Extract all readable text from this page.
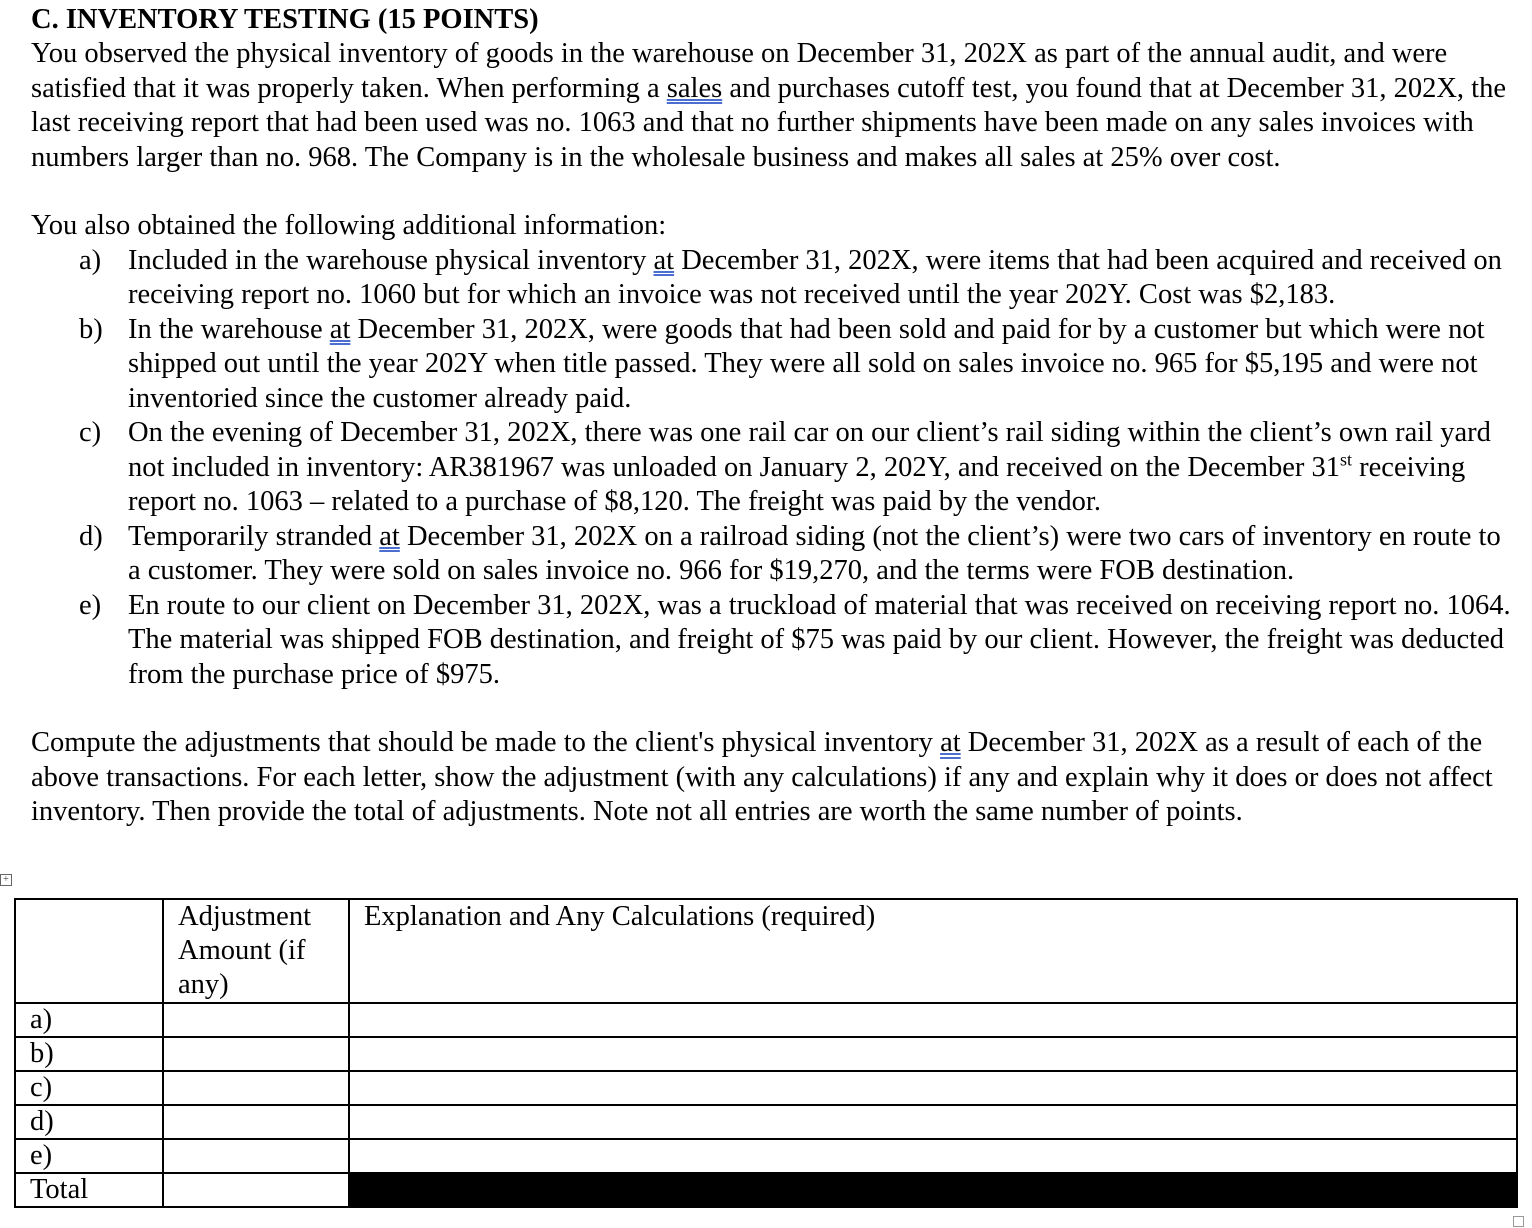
C. INVENTORY TESTING (15 POINTS)

You observed the physical inventory of goods in the warehouse on December 31, 202X as part of the annual audit, and were satisfied that it was properly taken. When performing a sales and purchases cutoff test, you found that at December 31, 202X, the last receiving report that had been used was no. 1063 and that no further shipments have been made on any sales invoices with numbers larger than no. 968. The Company is in the wholesale business and makes all sales at 25% over cost.

You also obtained the following additional information:

a) Included in the warehouse physical inventory at December 31, 202X, were items that had been acquired and received on receiving report no. 1060 but for which an invoice was not received until the year 202Y. Cost was $2,183.
b) In the warehouse at December 31, 202X, were goods that had been sold and paid for by a customer but which were not shipped out until the year 202Y when title passed. They were all sold on sales invoice no. 965 for $5,195 and were not inventoried since the customer already paid.
c) On the evening of December 31, 202X, there was one rail car on our client’s rail siding within the client’s own rail yard not included in inventory: AR381967 was unloaded on January 2, 202Y, and received on the December 31st receiving report no. 1063 – related to a purchase of $8,120. The freight was paid by the vendor.
d) Temporarily stranded at December 31, 202X on a railroad siding (not the client’s) were two cars of inventory en route to a customer. They were sold on sales invoice no. 966 for $19,270, and the terms were FOB destination.
e) En route to our client on December 31, 202X, was a truckload of material that was received on receiving report no. 1064. The material was shipped FOB destination, and freight of $75 was paid by our client. However, the freight was deducted from the purchase price of $975.

Compute the adjustments that should be made to the client's physical inventory at December 31, 202X as a result of each of the above transactions. For each letter, show the adjustment (with any calculations) if any and explain why it does or does not affect inventory. Then provide the total of adjustments. Note not all entries are worth the same number of points.

+
	Adjustment Amount (if any)	Explanation and Any Calculations (required)
a)		
b)		
c)		
d)		
e)		
Total		
